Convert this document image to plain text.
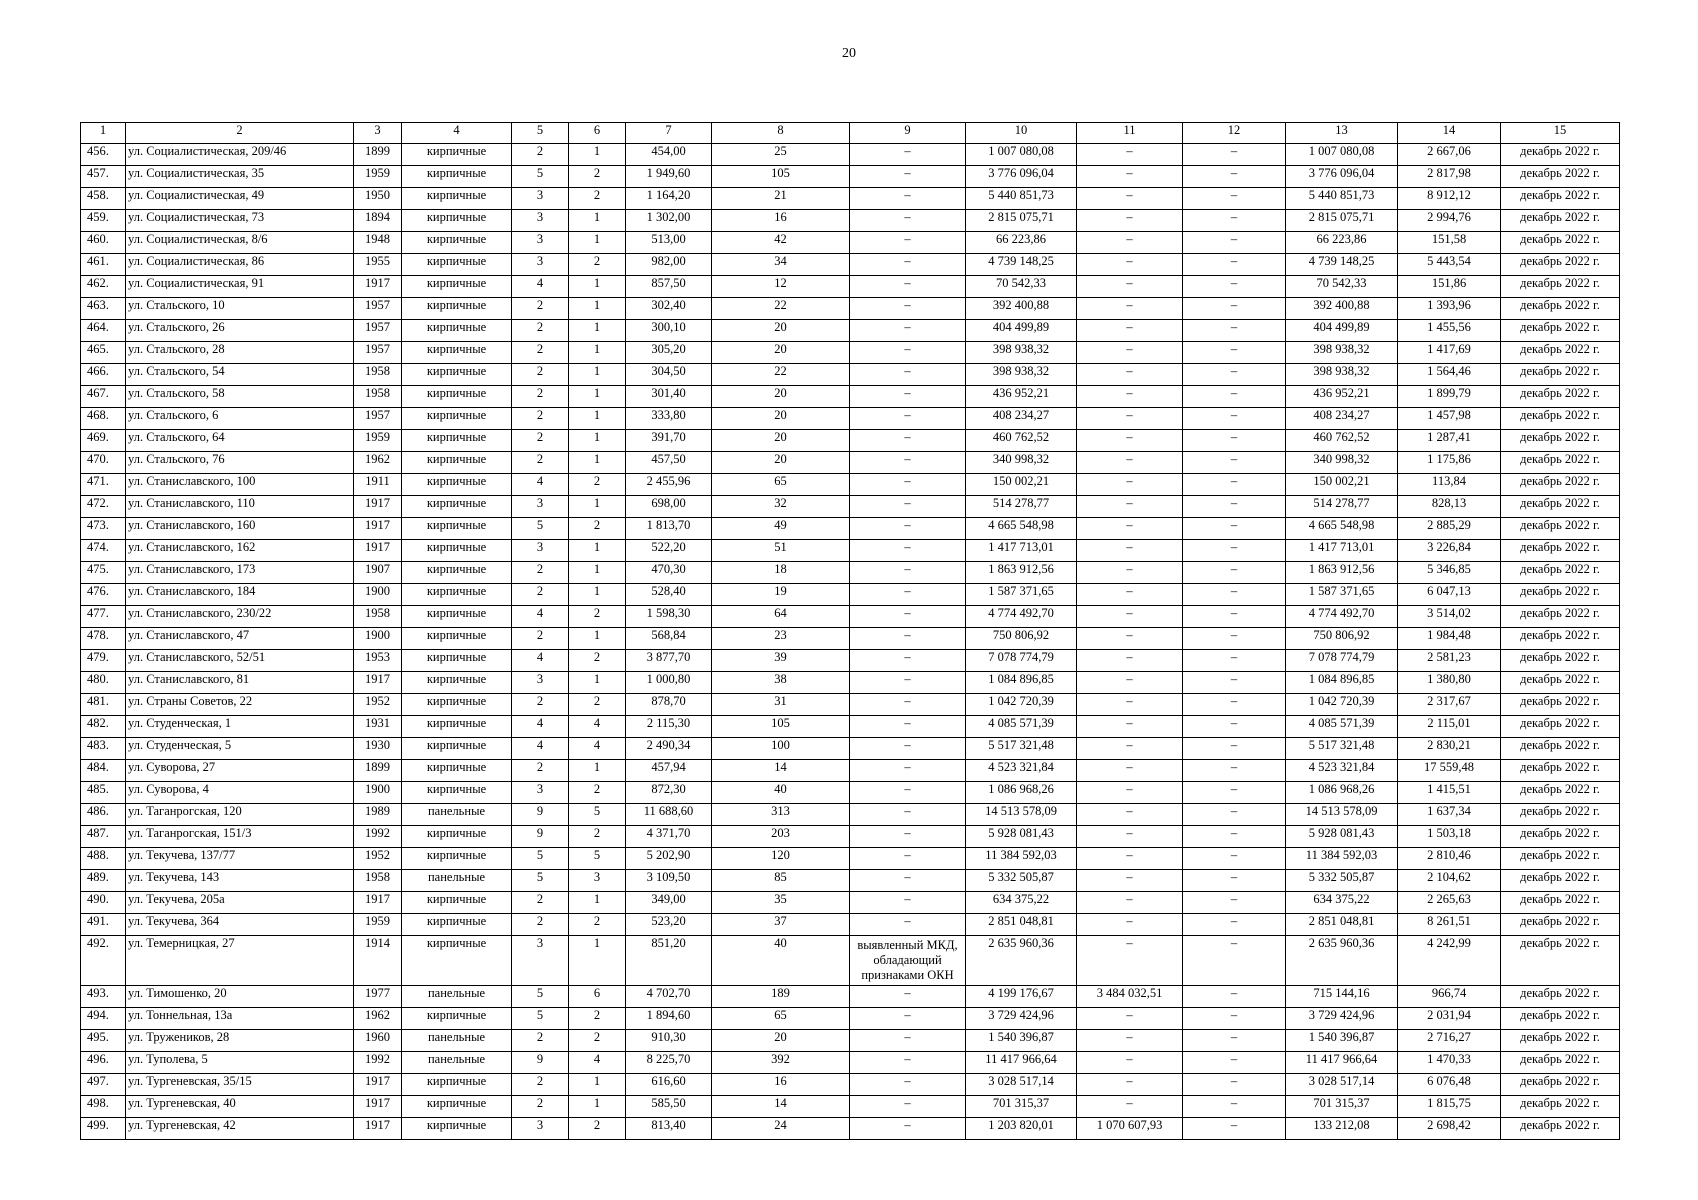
20
1	2	3	4	5	6	7	8	9	10	11	12	13	14	15
456.	ул. Социалистическая, 209/46	1899	кирпичные	2	1	454,00	25	–	1 007 080,08	–	–	1 007 080,08	2 667,06	декабрь 2022 г.
457.	ул. Социалистическая, 35	1959	кирпичные	5	2	1 949,60	105	–	3 776 096,04	–	–	3 776 096,04	2 817,98	декабрь 2022 г.
458.	ул. Социалистическая, 49	1950	кирпичные	3	2	1 164,20	21	–	5 440 851,73	–	–	5 440 851,73	8 912,12	декабрь 2022 г.
459.	ул. Социалистическая, 73	1894	кирпичные	3	1	1 302,00	16	–	2 815 075,71	–	–	2 815 075,71	2 994,76	декабрь 2022 г.
460.	ул. Социалистическая, 8/6	1948	кирпичные	3	1	513,00	42	–	66 223,86	–	–	66 223,86	151,58	декабрь 2022 г.
461.	ул. Социалистическая, 86	1955	кирпичные	3	2	982,00	34	–	4 739 148,25	–	–	4 739 148,25	5 443,54	декабрь 2022 г.
462.	ул. Социалистическая, 91	1917	кирпичные	4	1	857,50	12	–	70 542,33	–	–	70 542,33	151,86	декабрь 2022 г.
463.	ул. Стальского, 10	1957	кирпичные	2	1	302,40	22	–	392 400,88	–	–	392 400,88	1 393,96	декабрь 2022 г.
464.	ул. Стальского, 26	1957	кирпичные	2	1	300,10	20	–	404 499,89	–	–	404 499,89	1 455,56	декабрь 2022 г.
465.	ул. Стальского, 28	1957	кирпичные	2	1	305,20	20	–	398 938,32	–	–	398 938,32	1 417,69	декабрь 2022 г.
466.	ул. Стальского, 54	1958	кирпичные	2	1	304,50	22	–	398 938,32	–	–	398 938,32	1 564,46	декабрь 2022 г.
467.	ул. Стальского, 58	1958	кирпичные	2	1	301,40	20	–	436 952,21	–	–	436 952,21	1 899,79	декабрь 2022 г.
468.	ул. Стальского, 6	1957	кирпичные	2	1	333,80	20	–	408 234,27	–	–	408 234,27	1 457,98	декабрь 2022 г.
469.	ул. Стальского, 64	1959	кирпичные	2	1	391,70	20	–	460 762,52	–	–	460 762,52	1 287,41	декабрь 2022 г.
470.	ул. Стальского, 76	1962	кирпичные	2	1	457,50	20	–	340 998,32	–	–	340 998,32	1 175,86	декабрь 2022 г.
471.	ул. Станиславского, 100	1911	кирпичные	4	2	2 455,96	65	–	150 002,21	–	–	150 002,21	113,84	декабрь 2022 г.
472.	ул. Станиславского, 110	1917	кирпичные	3	1	698,00	32	–	514 278,77	–	–	514 278,77	828,13	декабрь 2022 г.
473.	ул. Станиславского, 160	1917	кирпичные	5	2	1 813,70	49	–	4 665 548,98	–	–	4 665 548,98	2 885,29	декабрь 2022 г.
474.	ул. Станиславского, 162	1917	кирпичные	3	1	522,20	51	–	1 417 713,01	–	–	1 417 713,01	3 226,84	декабрь 2022 г.
475.	ул. Станиславского, 173	1907	кирпичные	2	1	470,30	18	–	1 863 912,56	–	–	1 863 912,56	5 346,85	декабрь 2022 г.
476.	ул. Станиславского, 184	1900	кирпичные	2	1	528,40	19	–	1 587 371,65	–	–	1 587 371,65	6 047,13	декабрь 2022 г.
477.	ул. Станиславского, 230/22	1958	кирпичные	4	2	1 598,30	64	–	4 774 492,70	–	–	4 774 492,70	3 514,02	декабрь 2022 г.
478.	ул. Станиславского, 47	1900	кирпичные	2	1	568,84	23	–	750 806,92	–	–	750 806,92	1 984,48	декабрь 2022 г.
479.	ул. Станиславского, 52/51	1953	кирпичные	4	2	3 877,70	39	–	7 078 774,79	–	–	7 078 774,79	2 581,23	декабрь 2022 г.
480.	ул. Станиславского, 81	1917	кирпичные	3	1	1 000,80	38	–	1 084 896,85	–	–	1 084 896,85	1 380,80	декабрь 2022 г.
481.	ул. Страны Советов, 22	1952	кирпичные	2	2	878,70	31	–	1 042 720,39	–	–	1 042 720,39	2 317,67	декабрь 2022 г.
482.	ул. Студенческая, 1	1931	кирпичные	4	4	2 115,30	105	–	4 085 571,39	–	–	4 085 571,39	2 115,01	декабрь 2022 г.
483.	ул. Студенческая, 5	1930	кирпичные	4	4	2 490,34	100	–	5 517 321,48	–	–	5 517 321,48	2 830,21	декабрь 2022 г.
484.	ул. Суворова, 27	1899	кирпичные	2	1	457,94	14	–	4 523 321,84	–	–	4 523 321,84	17 559,48	декабрь 2022 г.
485.	ул. Суворова, 4	1900	кирпичные	3	2	872,30	40	–	1 086 968,26	–	–	1 086 968,26	1 415,51	декабрь 2022 г.
486.	ул. Таганрогская, 120	1989	панельные	9	5	11 688,60	313	–	14 513 578,09	–	–	14 513 578,09	1 637,34	декабрь 2022 г.
487.	ул. Таганрогская, 151/3	1992	кирпичные	9	2	4 371,70	203	–	5 928 081,43	–	–	5 928 081,43	1 503,18	декабрь 2022 г.
488.	ул. Текучева, 137/77	1952	кирпичные	5	5	5 202,90	120	–	11 384 592,03	–	–	11 384 592,03	2 810,46	декабрь 2022 г.
489.	ул. Текучева, 143	1958	панельные	5	3	3 109,50	85	–	5 332 505,87	–	–	5 332 505,87	2 104,62	декабрь 2022 г.
490.	ул. Текучева, 205а	1917	кирпичные	2	1	349,00	35	–	634 375,22	–	–	634 375,22	2 265,63	декабрь 2022 г.
491.	ул. Текучева, 364	1959	кирпичные	2	2	523,20	37	–	2 851 048,81	–	–	2 851 048,81	8 261,51	декабрь 2022 г.
492.	ул. Темерницкая, 27	1914	кирпичные	3	1	851,20	40	выявленный МКД, обладающий признаками ОКН	2 635 960,36	–	–	2 635 960,36	4 242,99	декабрь 2022 г.
493.	ул. Тимошенко, 20	1977	панельные	5	6	4 702,70	189	–	4 199 176,67	3 484 032,51	–	715 144,16	966,74	декабрь 2022 г.
494.	ул. Тоннельная, 13а	1962	кирпичные	5	2	1 894,60	65	–	3 729 424,96	–	–	3 729 424,96	2 031,94	декабрь 2022 г.
495.	ул. Тружеников, 28	1960	панельные	2	2	910,30	20	–	1 540 396,87	–	–	1 540 396,87	2 716,27	декабрь 2022 г.
496.	ул. Туполева, 5	1992	панельные	9	4	8 225,70	392	–	11 417 966,64	–	–	11 417 966,64	1 470,33	декабрь 2022 г.
497.	ул. Тургеневская, 35/15	1917	кирпичные	2	1	616,60	16	–	3 028 517,14	–	–	3 028 517,14	6 076,48	декабрь 2022 г.
498.	ул. Тургеневская, 40	1917	кирпичные	2	1	585,50	14	–	701 315,37	–	–	701 315,37	1 815,75	декабрь 2022 г.
499.	ул. Тургеневская, 42	1917	кирпичные	3	2	813,40	24	–	1 203 820,01	1 070 607,93	–	133 212,08	2 698,42	декабрь 2022 г.
